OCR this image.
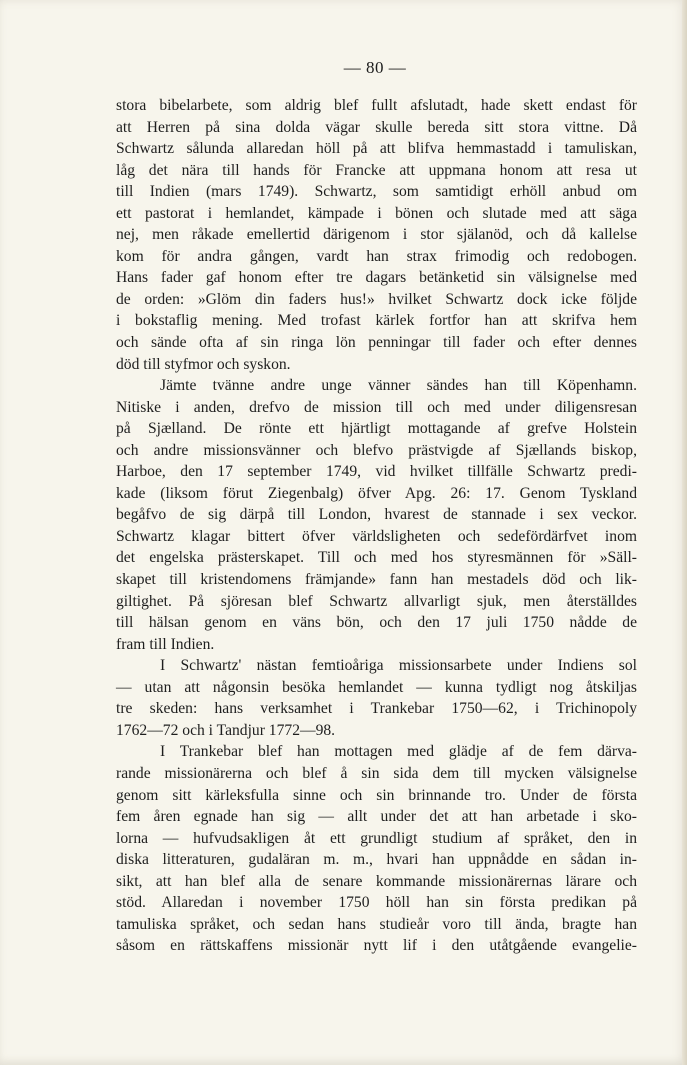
— 80 —
stora bibelarbete, som aldrig blef fullt afslutadt, hade skett endast för
att Herren på sina dolda vägar skulle bereda sitt stora vittne. Då
Schwartz sålunda allaredan höll på att blifva hemmastadd i tamuliskan,
låg det nära till hands för Francke att uppmana honom att resa ut
till Indien (mars 1749). Schwartz, som samtidigt erhöll anbud om
ett pastorat i hemlandet, kämpade i bönen och slutade med att säga
nej, men råkade emellertid därigenom i stor själanöd, och då kallelse
kom för andra gången, vardt han strax frimodig och redobogen.
Hans fader gaf honom efter tre dagars betänketid sin välsignelse med
de orden: »Glöm din faders hus!» hvilket Schwartz dock icke följde
i bokstaflig mening. Med trofast kärlek fortfor han att skrifva hem
och sände ofta af sin ringa lön penningar till fader och efter dennes
död till styfmor och syskon.
Jämte tvänne andre unge vänner sändes han till Köpenhamn.
Nitiske i anden, drefvo de mission till och med under diligensresan
på Sjælland. De rönte ett hjärtligt mottagande af grefve Holstein
och andre missionsvänner och blefvo prästvigde af Sjællands biskop,
Harboe, den 17 september 1749, vid hvilket tillfälle Schwartz predi-
kade (liksom förut Ziegenbalg) öfver Apg. 26: 17. Genom Tyskland
begåfvo de sig därpå till London, hvarest de stannade i sex veckor.
Schwartz klagar bittert öfver världsligheten och sedefördärfvet inom
det engelska prästerskapet. Till och med hos styresmännen för »Säll-
skapet till kristendomens främjande» fann han mestadels död och lik-
giltighet. På sjöresan blef Schwartz allvarligt sjuk, men återställdes
till hälsan genom en väns bön, och den 17 juli 1750 nådde de
fram till Indien.
I Schwartz' nästan femtioåriga missionsarbete under Indiens sol
— utan att någonsin besöka hemlandet — kunna tydligt nog åtskiljas
tre skeden: hans verksamhet i Trankebar 1750—62, i Trichinopoly
1762—72 och i Tandjur 1772—98.
I Trankebar blef han mottagen med glädje af de fem därva-
rande missionärerna och blef å sin sida dem till mycken välsignelse
genom sitt kärleksfulla sinne och sin brinnande tro. Under de första
fem åren egnade han sig — allt under det att han arbetade i sko-
lorna — hufvudsakligen åt ett grundligt studium af språket, den in
diska litteraturen, gudaläran m. m., hvari han uppnådde en sådan in-
sikt, att han blef alla de senare kommande missionärernas lärare och
stöd. Allaredan i november 1750 höll han sin första predikan på
tamuliska språket, och sedan hans studieår voro till ända, bragte han
såsom en rättskaffens missionär nytt lif i den utåtgående evangelie-
